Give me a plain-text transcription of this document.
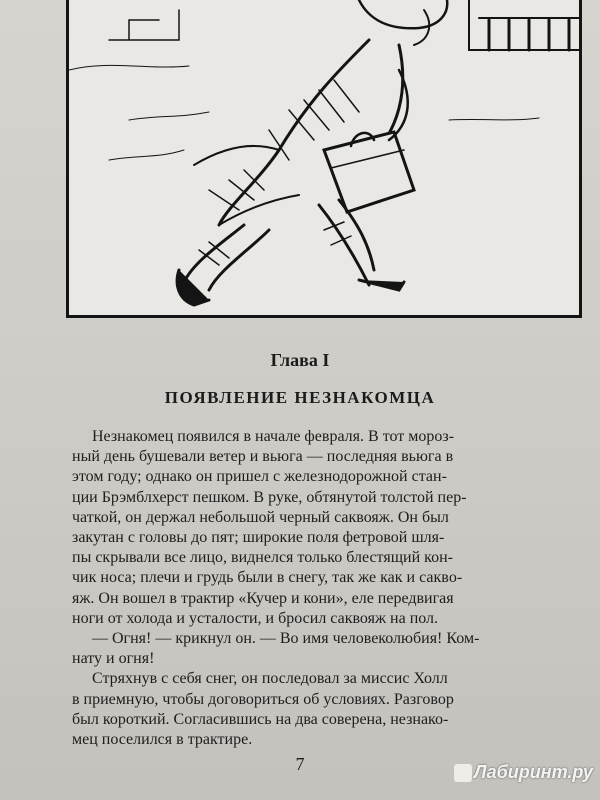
Глава I
ПОЯВЛЕНИЕ НЕЗНАКОМЦА
Незнакомец появился в начале февраля. В тот мороз-
ный день бушевали ветер и вьюга — последняя вьюга в
этом году; однако он пришел с железнодорожной стан-
ции Брэмблхерст пешком. В руке, обтянутой толстой пер-
чаткой, он держал небольшой черный саквояж. Он был
закутан с головы до пят; широкие поля фетровой шля-
пы скрывали все лицо, виднелся только блестящий кон-
чик носа; плечи и грудь были в снегу, так же как и саквo-
яж. Он вошел в трактир «Кучер и кони», еле передвигая
ноги от холода и усталости, и бросил саквояж на пол.
— Огня! — крикнул он. — Во имя человеколюбия! Ком-
нату и огня!
Стряхнув с себя снег, он последовал за миссис Холл
в приемную, чтобы договориться об условиях. Разговор
был короткий. Согласившись на два соверена, незнако-
мец поселился в трактире.
7	Лабиринт.ру
